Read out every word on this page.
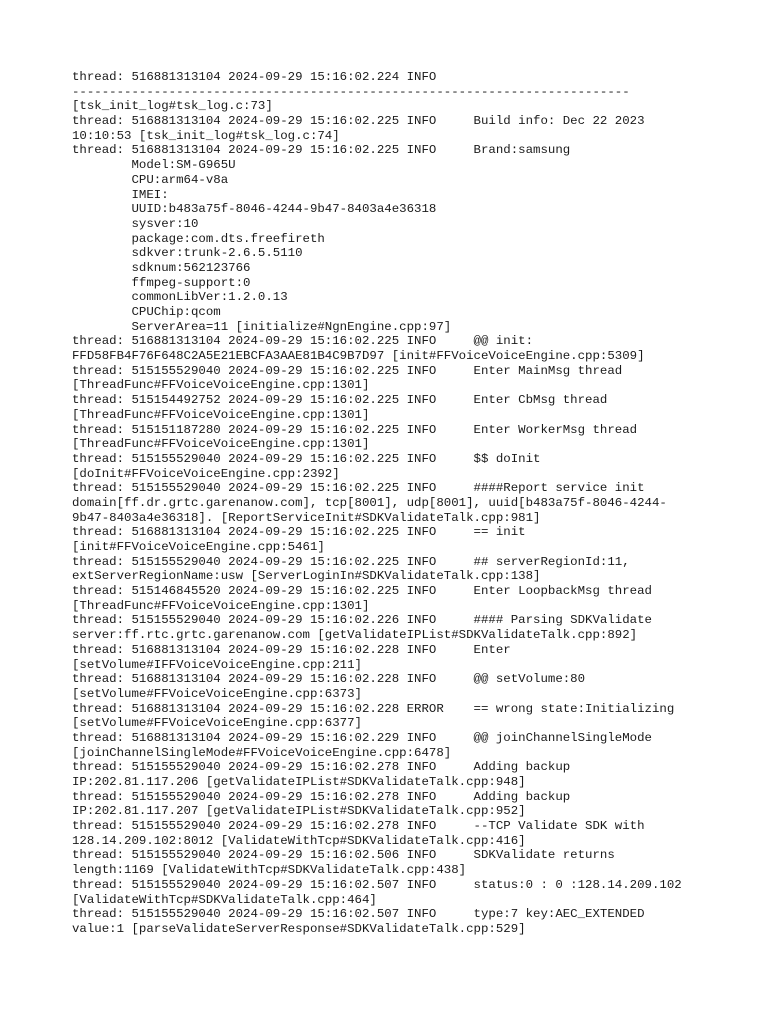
thread: 516881313104 2024-09-29 15:16:02.224 INFO
---------------------------------------------------------------------------
[tsk_init_log#tsk_log.c:73]
thread: 516881313104 2024-09-29 15:16:02.225 INFO     Build info: Dec 22 2023
10:10:53 [tsk_init_log#tsk_log.c:74]
thread: 516881313104 2024-09-29 15:16:02.225 INFO     Brand:samsung
Model:SM-G965U
CPU:arm64-v8a
IMEI:
UUID:b483a75f-8046-4244-9b47-8403a4e36318
sysver:10
package:com.dts.freefireth
sdkver:trunk-2.6.5.5110
sdknum:562123766
ffmpeg-support:0
commonLibVer:1.2.0.13
CPUChip:qcom
ServerArea=11 [initialize#NgnEngine.cpp:97]
thread: 516881313104 2024-09-29 15:16:02.225 INFO     @@ init:
FFD58FB4F76F648C2A5E21EBCFA3AAE81B4C9B7D97 [init#FFVoiceVoiceEngine.cpp:5309]
thread: 515155529040 2024-09-29 15:16:02.225 INFO     Enter MainMsg thread
[ThreadFunc#FFVoiceVoiceEngine.cpp:1301]
thread: 515154492752 2024-09-29 15:16:02.225 INFO     Enter CbMsg thread
[ThreadFunc#FFVoiceVoiceEngine.cpp:1301]
thread: 515151187280 2024-09-29 15:16:02.225 INFO     Enter WorkerMsg thread
[ThreadFunc#FFVoiceVoiceEngine.cpp:1301]
thread: 515155529040 2024-09-29 15:16:02.225 INFO     $$ doInit
[doInit#FFVoiceVoiceEngine.cpp:2392]
thread: 515155529040 2024-09-29 15:16:02.225 INFO     ####Report service init
domain[ff.dr.grtc.garenanow.com], tcp[8001], udp[8001], uuid[b483a75f-8046-4244-
9b47-8403a4e36318]. [ReportServiceInit#SDKValidateTalk.cpp:981]
thread: 516881313104 2024-09-29 15:16:02.225 INFO     == init
[init#FFVoiceVoiceEngine.cpp:5461]
thread: 515155529040 2024-09-29 15:16:02.225 INFO     ## serverRegionId:11,
extServerRegionName:usw [ServerLoginIn#SDKValidateTalk.cpp:138]
thread: 515146845520 2024-09-29 15:16:02.225 INFO     Enter LoopbackMsg thread
[ThreadFunc#FFVoiceVoiceEngine.cpp:1301]
thread: 515155529040 2024-09-29 15:16:02.226 INFO     #### Parsing SDKValidate
server:ff.rtc.grtc.garenanow.com [getValidateIPList#SDKValidateTalk.cpp:892]
thread: 516881313104 2024-09-29 15:16:02.228 INFO     Enter
[setVolume#IFFVoiceVoiceEngine.cpp:211]
thread: 516881313104 2024-09-29 15:16:02.228 INFO     @@ setVolume:80
[setVolume#FFVoiceVoiceEngine.cpp:6373]
thread: 516881313104 2024-09-29 15:16:02.228 ERROR    == wrong state:Initializing
[setVolume#FFVoiceVoiceEngine.cpp:6377]
thread: 516881313104 2024-09-29 15:16:02.229 INFO     @@ joinChannelSingleMode
[joinChannelSingleMode#FFVoiceVoiceEngine.cpp:6478]
thread: 515155529040 2024-09-29 15:16:02.278 INFO     Adding backup
IP:202.81.117.206 [getValidateIPList#SDKValidateTalk.cpp:948]
thread: 515155529040 2024-09-29 15:16:02.278 INFO     Adding backup
IP:202.81.117.207 [getValidateIPList#SDKValidateTalk.cpp:952]
thread: 515155529040 2024-09-29 15:16:02.278 INFO     --TCP Validate SDK with
128.14.209.102:8012 [ValidateWithTcp#SDKValidateTalk.cpp:416]
thread: 515155529040 2024-09-29 15:16:02.506 INFO     SDKValidate returns
length:1169 [ValidateWithTcp#SDKValidateTalk.cpp:438]
thread: 515155529040 2024-09-29 15:16:02.507 INFO     status:0 : 0 :128.14.209.102
[ValidateWithTcp#SDKValidateTalk.cpp:464]
thread: 515155529040 2024-09-29 15:16:02.507 INFO     type:7 key:AEC_EXTENDED
value:1 [parseValidateServerResponse#SDKValidateTalk.cpp:529]
